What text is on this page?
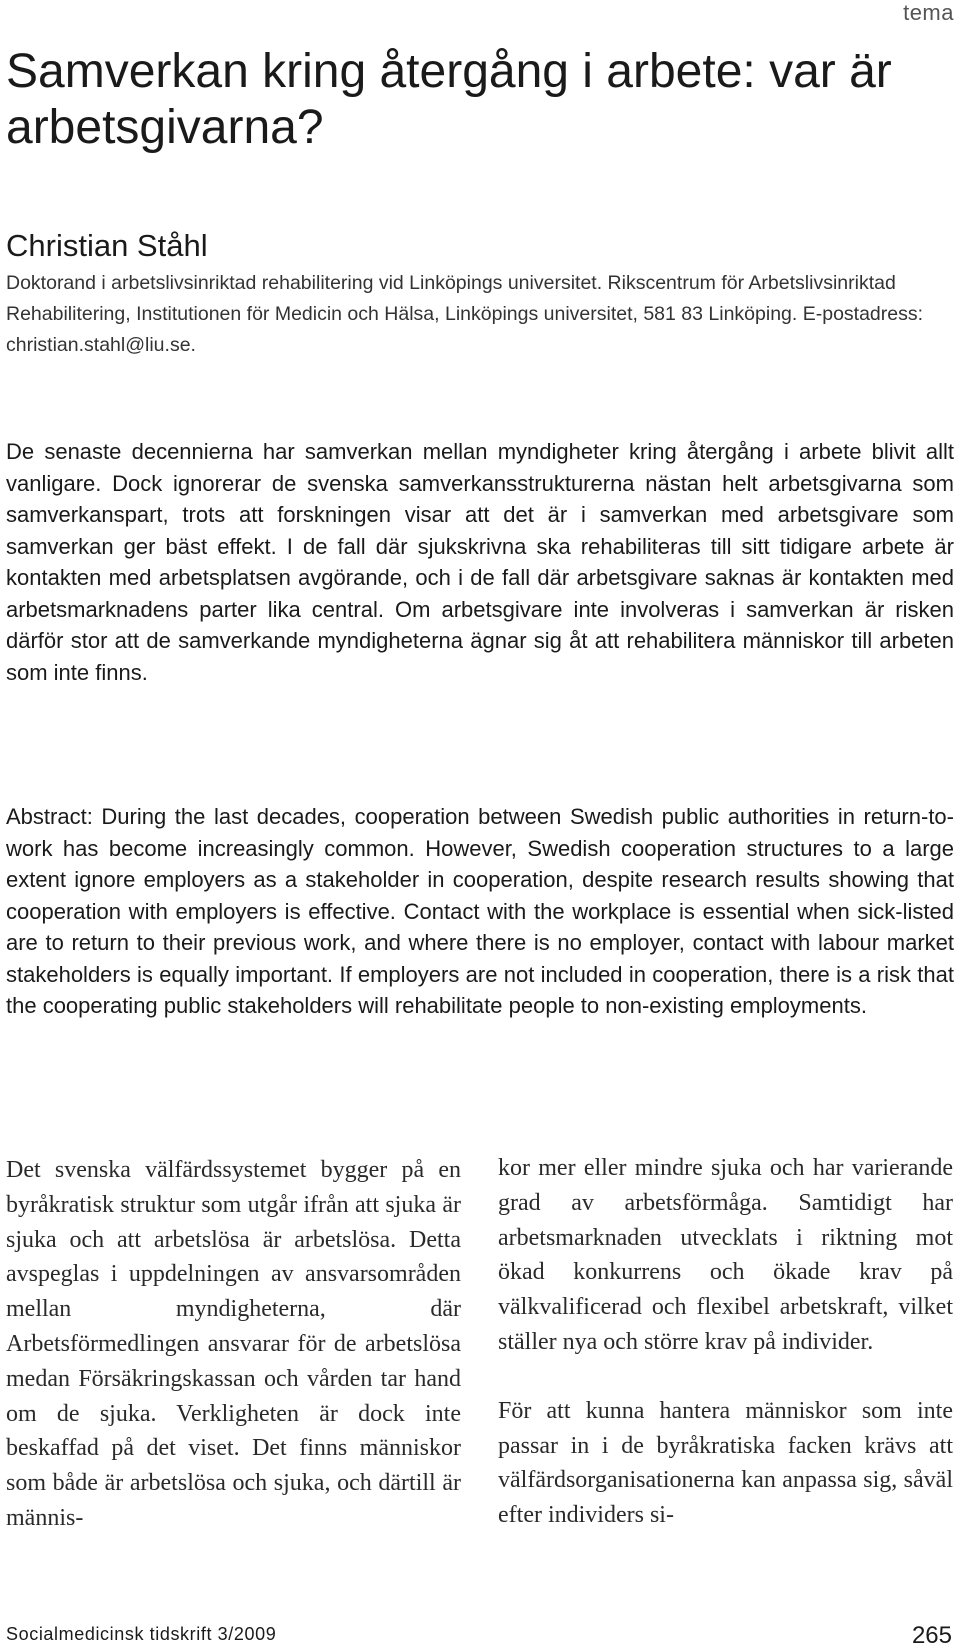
tema
Samverkan kring återgång i arbete: var är arbetsgivarna?
Christian Ståhl

Doktorand i arbetslivsinriktad rehabilitering vid Linköpings universitet. Rikscentrum för Arbetslivsinriktad Rehabilitering, Institutionen för Medicin och Hälsa, Linköpings universitet, 581 83 Linköping. E-postadress: christian.stahl@liu.se.

De senaste decennierna har samverkan mellan myndigheter kring återgång i arbete blivit allt vanligare. Dock ignorerar de svenska samverkansstrukturerna nästan helt arbetsgivarna som samverkanspart, trots att forskningen visar att det är i samverkan med arbetsgivare som samverkan ger bäst effekt. I de fall där sjukskrivna ska rehabiliteras till sitt tidigare arbete är kontakten med arbetsplatsen avgörande, och i de fall där arbetsgivare saknas är kontakten med arbetsmarknadens parter lika central. Om arbetsgivare inte involveras i samverkan är risken därför stor att de samverkande myndigheterna ägnar sig åt att rehabilitera människor till arbeten som inte finns.

Abstract: During the last decades, cooperation between Swedish public authorities in return-to-work has become increasingly common. However, Swedish cooperation structures to a large extent ignore employers as a stakeholder in cooperation, despite research results showing that cooperation with employers is effective. Contact with the workplace is essential when sick-listed are to return to their previous work, and where there is no employer, contact with labour market stakeholders is equally important. If employers are not included in cooperation, there is a risk that the cooperating public stakeholders will rehabilitate people to non-existing employments.

Det svenska välfärdssystemet bygger på en byråkratisk struktur som utgår ifrån att sjuka är sjuka och att arbetslösa är arbetslösa. Detta avspeglas i uppdelningen av ansvarsområden mellan myndigheterna, där Arbetsförmedlingen ansvarar för de arbetslösa medan Försäkringskassan och vården tar hand om de sjuka. Verkligheten är dock inte beskaffad på det viset. Det finns människor som både är arbetslösa och sjuka, och därtill är männis-

kor mer eller mindre sjuka och har varierande grad av arbetsförmåga. Samtidigt har arbetsmarknaden utvecklats i riktning mot ökad konkurrens och ökade krav på välkvalificerad och flexibel arbetskraft, vilket ställer nya och större krav på individer.

För att kunna hantera människor som inte passar in i de byråkratiska facken krävs att välfärdsorganisationerna kan anpassa sig, såväl efter individers si-

Socialmedicinsk tidskrift 3/2009	265
